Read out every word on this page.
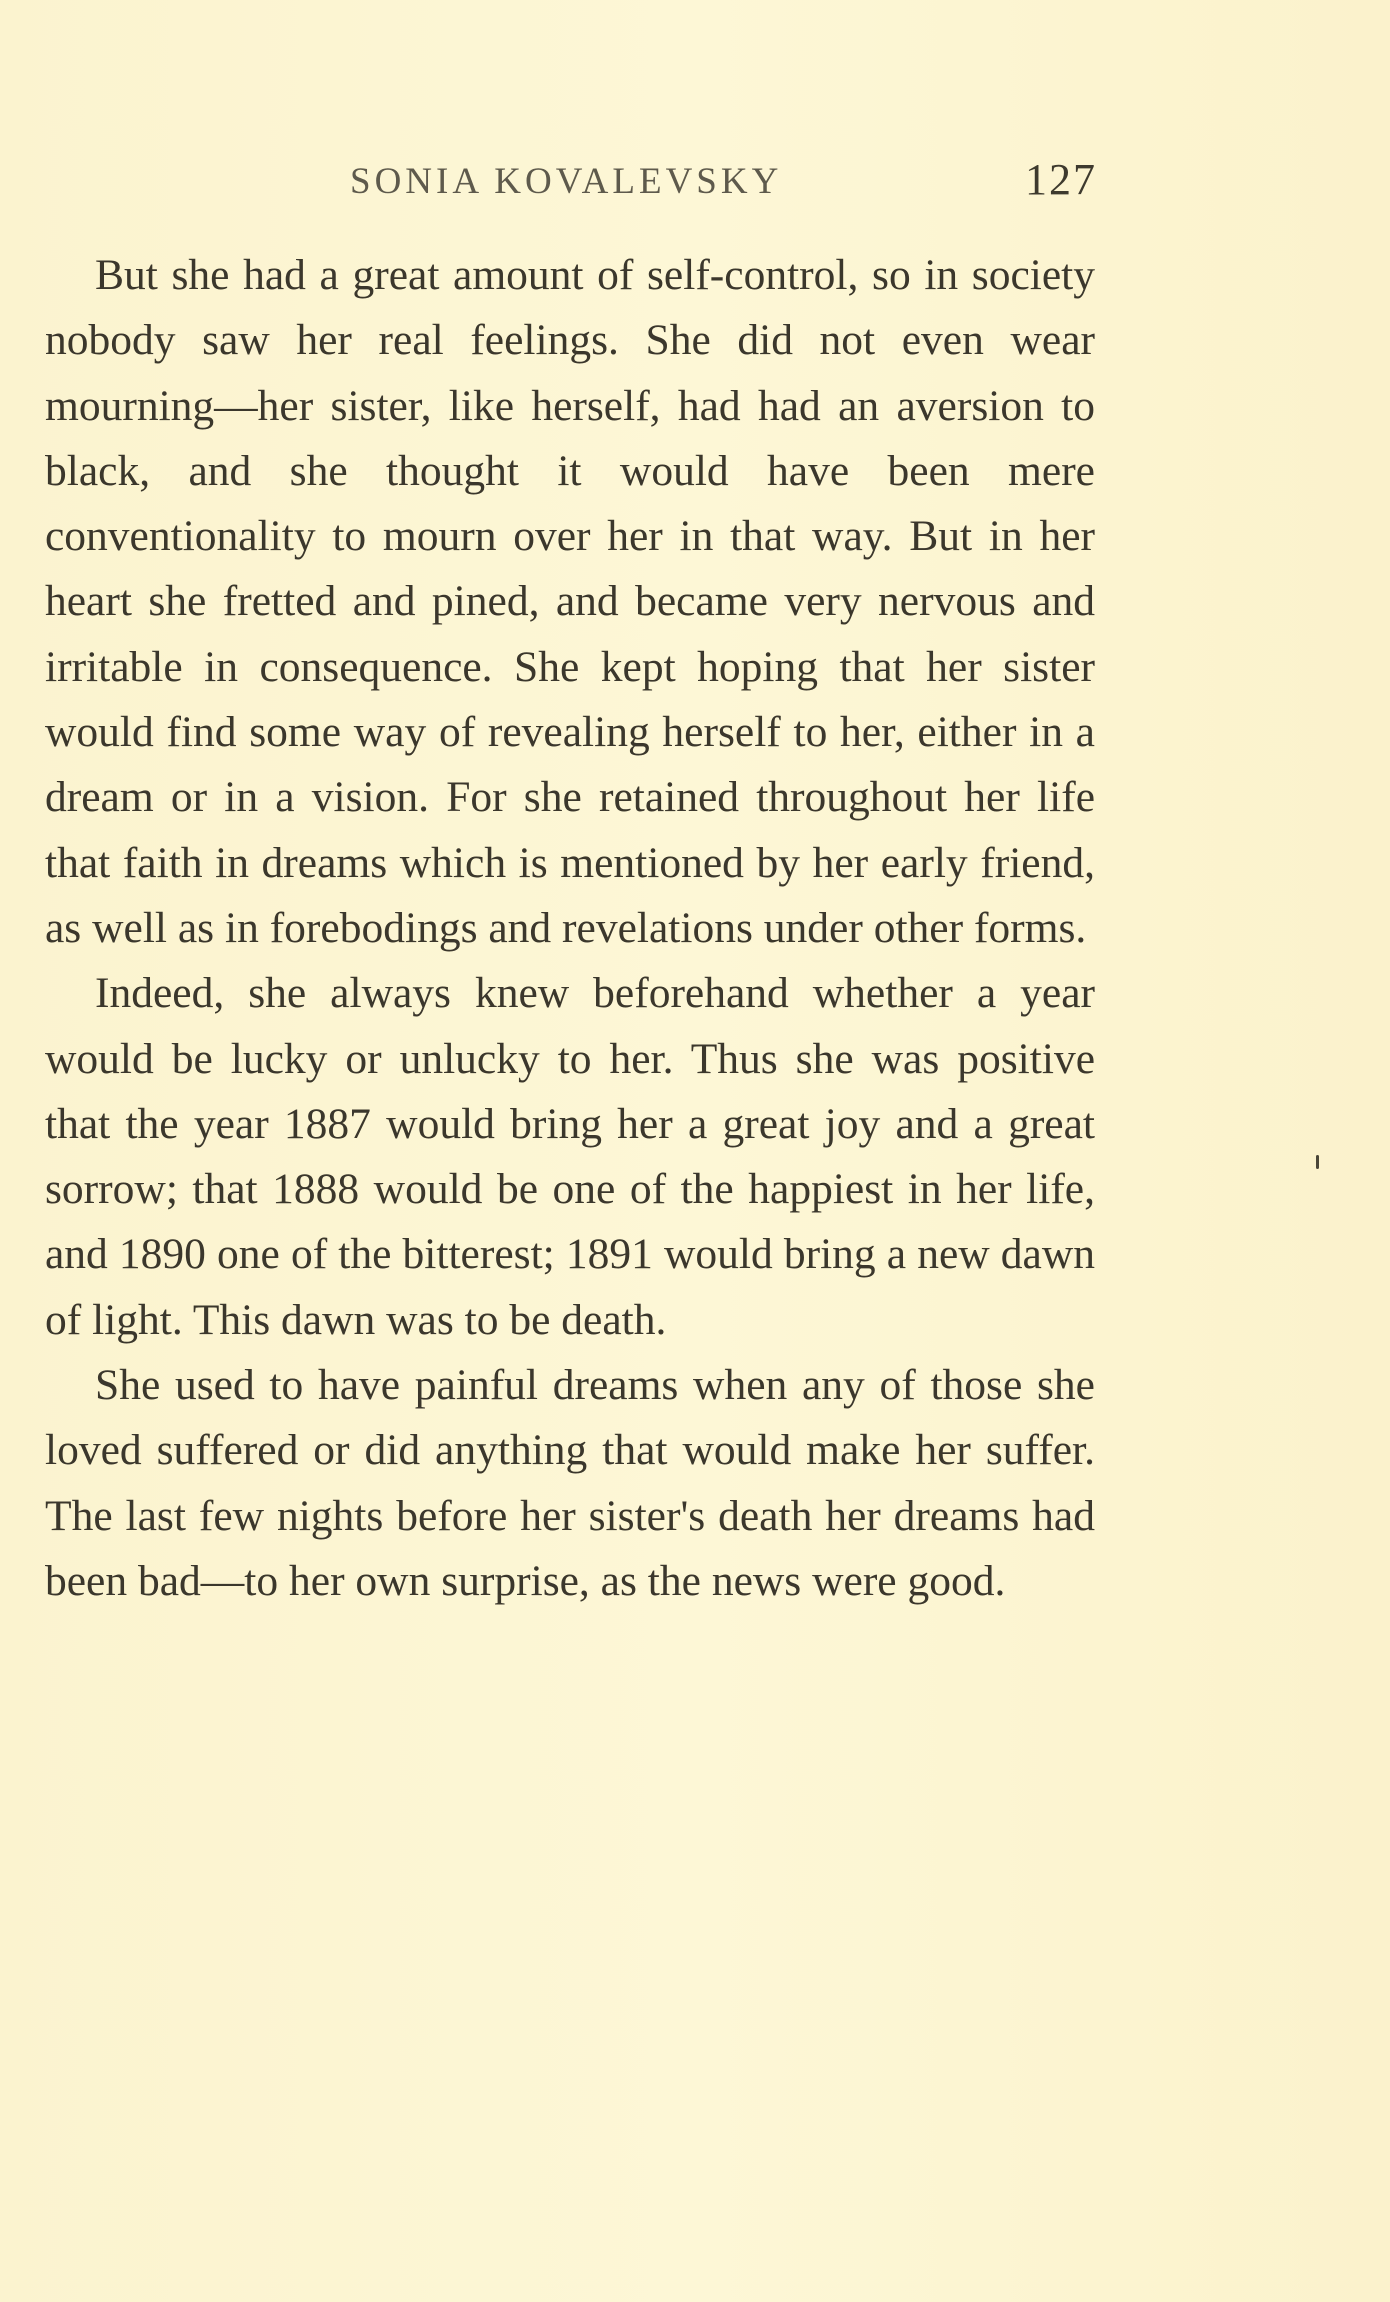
SONIA KOVALEVSKY	127

But she had a great amount of self-control, so in society nobody saw her real feelings. She did not even wear mourning—her sister, like herself, had had an aversion to black, and she thought it would have been mere conventionality to mourn over her in that way. But in her heart she fretted and pined, and became very nervous and irritable in consequence. She kept hoping that her sister would find some way of revealing herself to her, either in a dream or in a vision. For she retained throughout her life that faith in dreams which is mentioned by her early friend, as well as in forebodings and revelations under other forms.

Indeed, she always knew beforehand whether a year would be lucky or unlucky to her. Thus she was positive that the year 1887 would bring her a great joy and a great sorrow; that 1888 would be one of the happiest in her life, and 1890 one of the bitterest; 1891 would bring a new dawn of light. This dawn was to be death.

She used to have painful dreams when any of those she loved suffered or did anything that would make her suffer. The last few nights before her sister's death her dreams had been bad—to her own surprise, as the news were good.
